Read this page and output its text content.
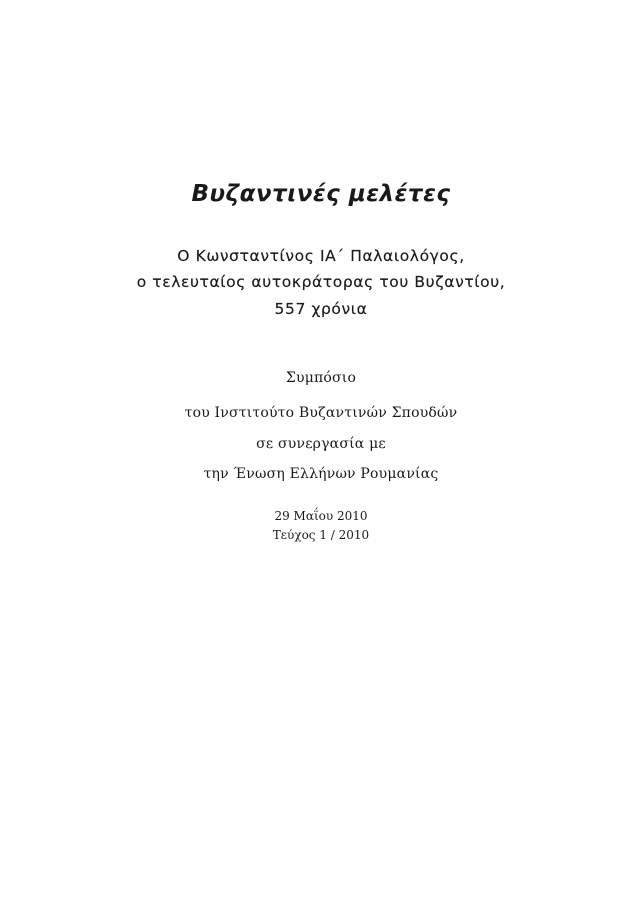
Βυζαντινές μελέτες
Ο Κωνσταντίνος ΙΑ΄ Παλαιολόγος,
ο τελευταίος αυτοκράτορας του Βυζαντίου,
557 χρόνια
Συμπόσιο
του Ινστιτούτο Βυζαντινών Σπουδών
σε συνεργασία με
την Ένωση Ελλήνων Ρουμανίας
29 Μαΐου 2010
Τεύχος 1 / 2010
